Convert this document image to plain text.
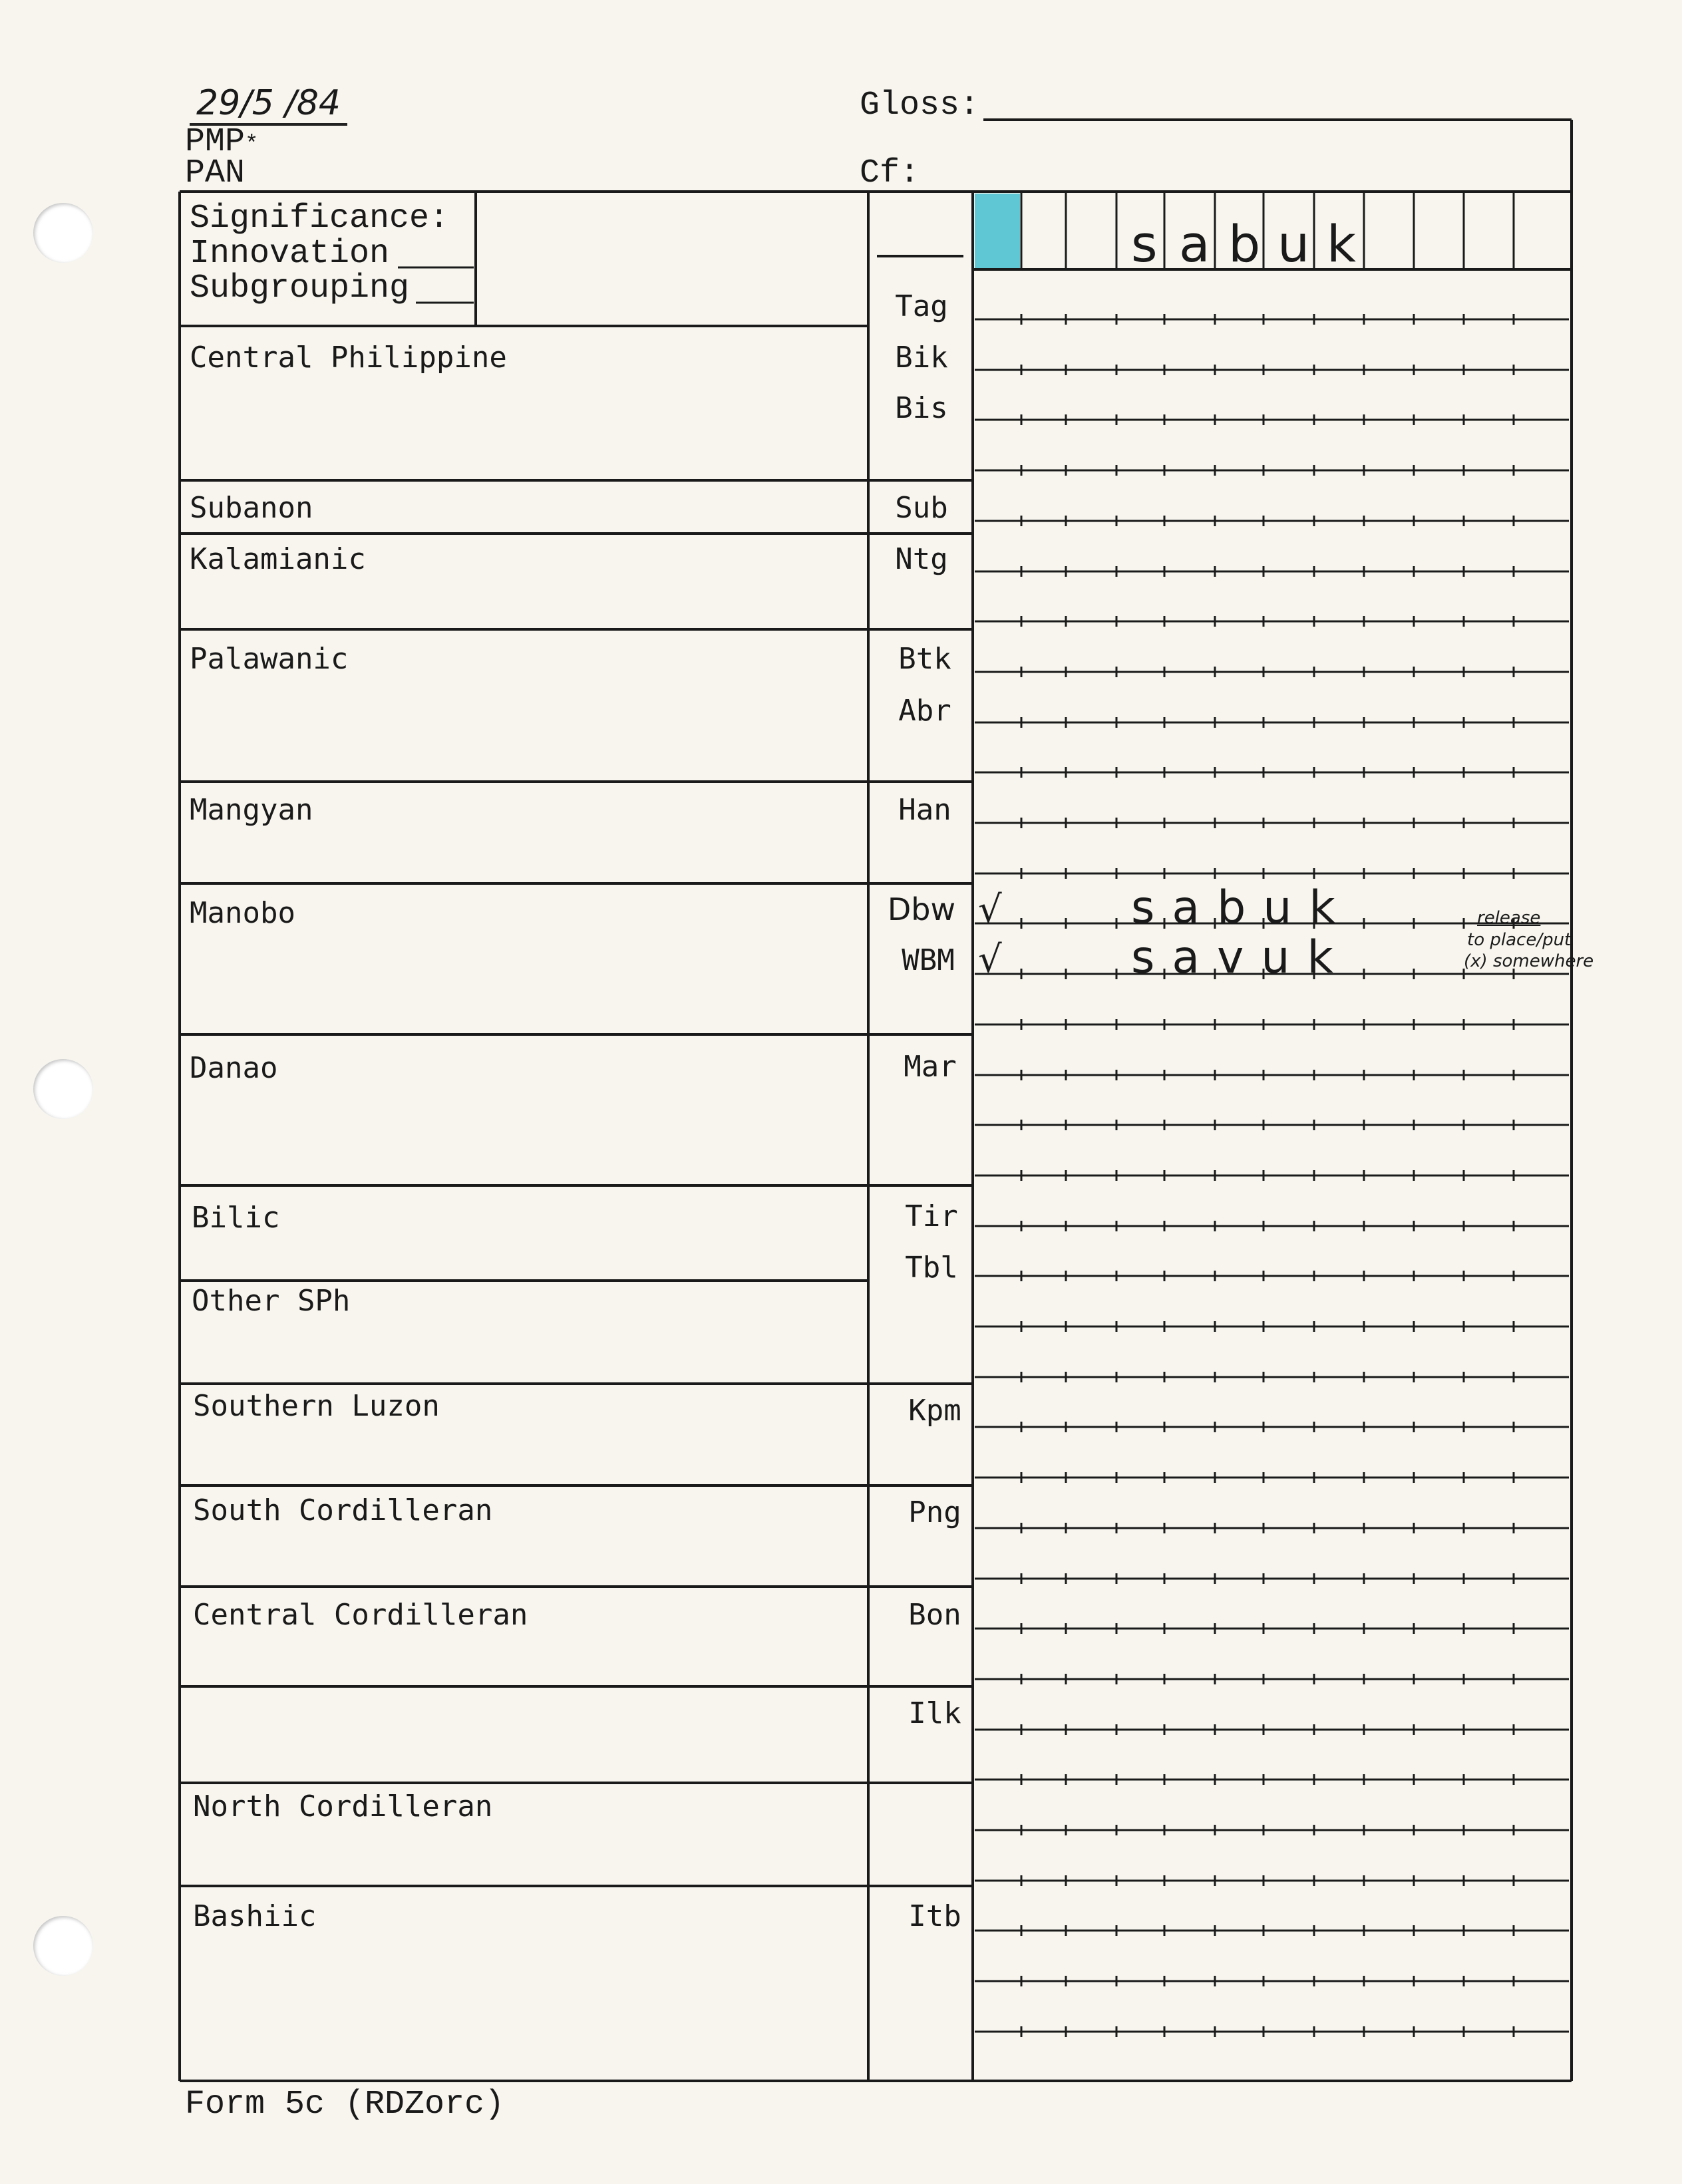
29/5 /84
PMP*
PAN
Gloss:
Cf:
Significance:
Innovation
Subgrouping
s a b u k
Central Philippine
Subanon
Kalamianic
Palawanic
Mangyan
Manobo
Danao
Bilic
Other SPh
Southern Luzon
South Cordilleran
Central Cordilleran
North Cordilleran
Bashiic
Tag
Bik
Bis
Sub
Ntg
Btk
Abr
Han
Dbw
WBM
Mar
Tir
Tbl
Kpm
Png
Bon
Ilk
Itb
√	sabuk
√	savuk
release
to place/put
(x) somewhere
Form 5c (RDZorc)
